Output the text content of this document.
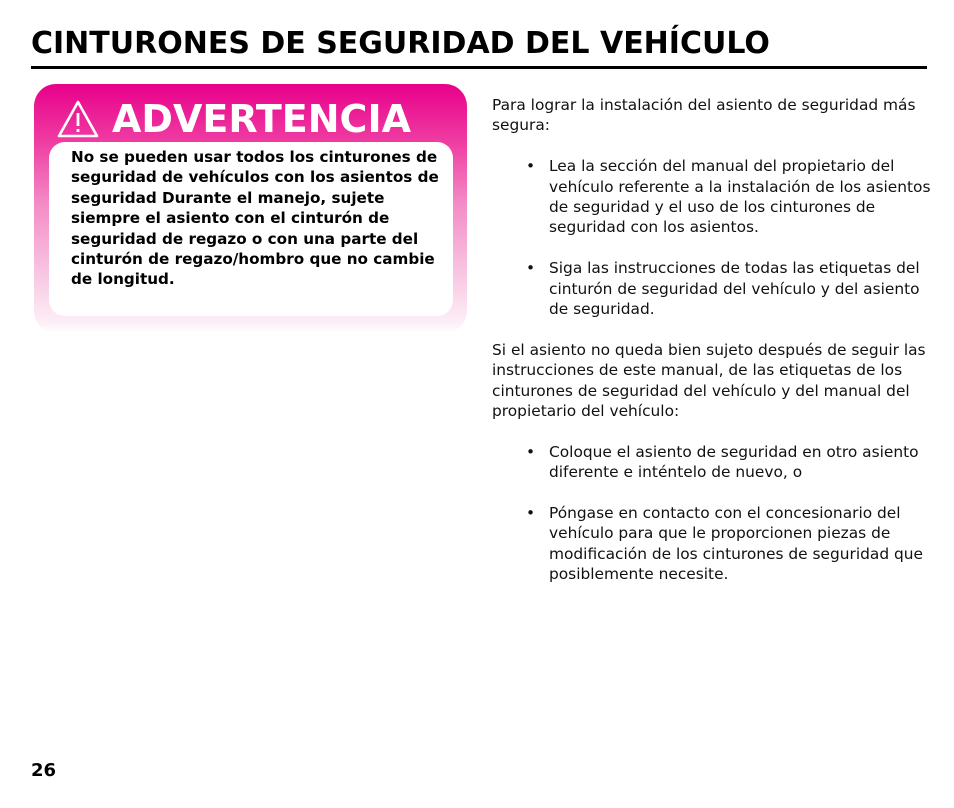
CINTURONES DE SEGURIDAD DEL VEHÍCULO
ADVERTENCIA

No se pueden usar todos los cinturones de seguridad de vehículos con los asientos de seguridad Durante el manejo, sujete siempre el asiento con el cinturón de seguridad de regazo o con una parte del cinturón de regazo/hombro que no cambie de longitud.

Para lograr la instalación del asiento de seguridad más segura:

• Lea la sección del manual del propietario del vehículo referente a la instalación de los asientos de seguridad y el uso de los cinturones de seguridad con los asientos.
• Siga las instrucciones de todas las etiquetas del cinturón de seguridad del vehículo y del asiento de seguridad.

Si el asiento no queda bien sujeto después de seguir las instrucciones de este manual, de las etiquetas de los cinturones de seguridad del vehículo y del manual del propietario del vehículo:

• Coloque el asiento de seguridad en otro asiento diferente e inténtelo de nuevo, o
• Póngase en contacto con el concesionario del vehículo para que le proporcionen piezas de modificación de los cinturones de seguridad que posiblemente necesite.
26
